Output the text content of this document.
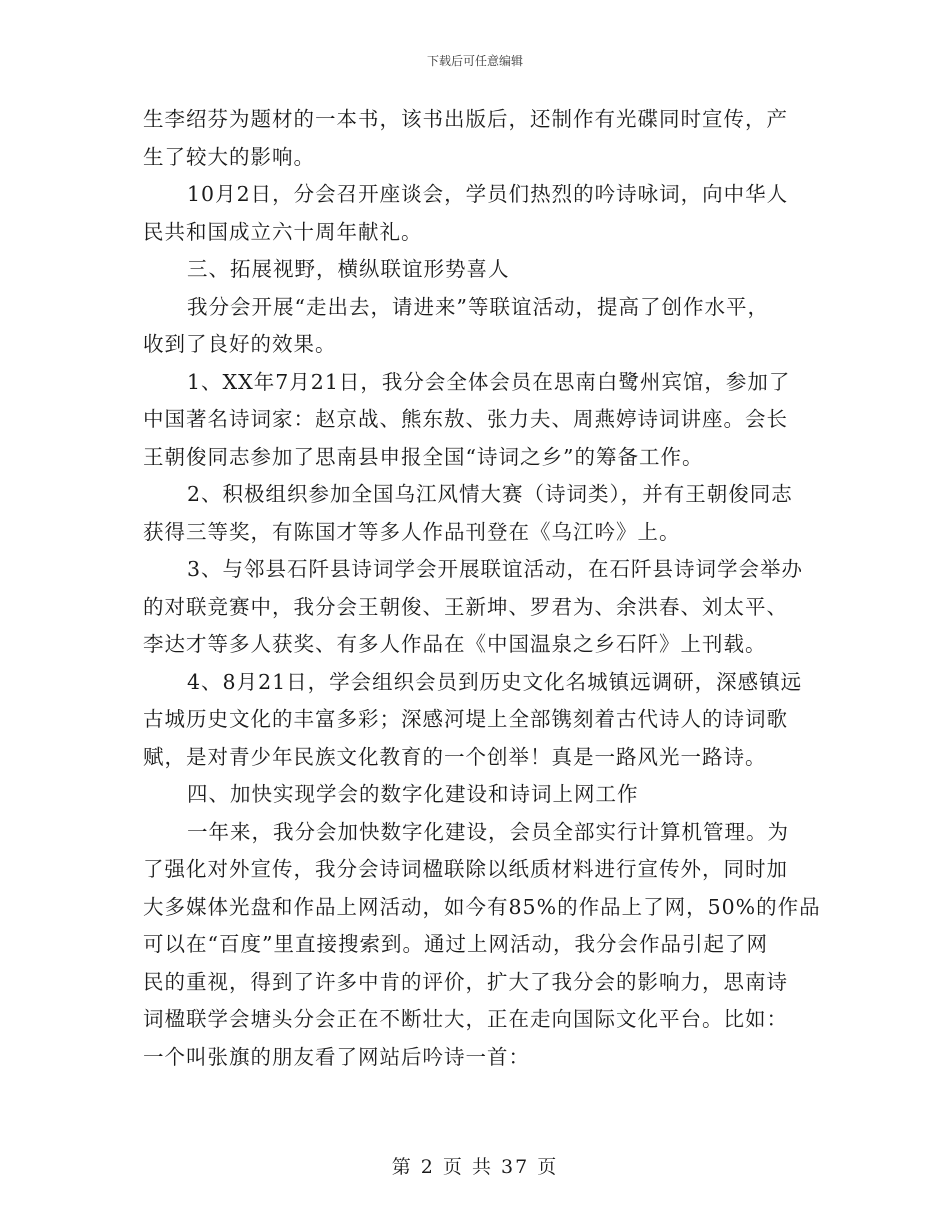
下载后可任意编辑
生李绍芬为题材的一本书，该书出版后，还制作有光碟同时宣传，产
生了较大的影响。
10月2日，分会召开座谈会，学员们热烈的吟诗咏词，向中华人
民共和国成立六十周年献礼。
三、拓展视野，横纵联谊形势喜人
我分会开展“走出去，请进来”等联谊活动，提高了创作水平，
收到了良好的效果。
1、XX年7月21日，我分会全体会员在思南白鹭州宾馆，参加了
中国著名诗词家：赵京战、熊东敖、张力夫、周燕婷诗词讲座。会长
王朝俊同志参加了思南县申报全国“诗词之乡”的筹备工作。
2、积极组织参加全国乌江风情大赛（诗词类），并有王朝俊同志
获得三等奖，有陈国才等多人作品刊登在《乌江吟》上。
3、与邻县石阡县诗词学会开展联谊活动，在石阡县诗词学会举办
的对联竞赛中，我分会王朝俊、王新坤、罗君为、余洪春、刘太平、
李达才等多人获奖、有多人作品在《中国温泉之乡石阡》上刊载。
4、8月21日，学会组织会员到历史文化名城镇远调研，深感镇远
古城历史文化的丰富多彩；深感河堤上全部镌刻着古代诗人的诗词歌
赋，是对青少年民族文化教育的一个创举！真是一路风光一路诗。
四、加快实现学会的数字化建设和诗词上网工作
一年来，我分会加快数字化建设，会员全部实行计算机管理。为
了强化对外宣传，我分会诗词楹联除以纸质材料进行宣传外，同时加
大多媒体光盘和作品上网活动，如今有85%的作品上了网，50%的作品
可以在“百度”里直接搜索到。通过上网活动，我分会作品引起了网
民的重视，得到了许多中肯的评价，扩大了我分会的影响力，思南诗
词楹联学会塘头分会正在不断壮大，正在走向国际文化平台。比如：
一个叫张旗的朋友看了网站后吟诗一首：
第 2 页 共 37 页
